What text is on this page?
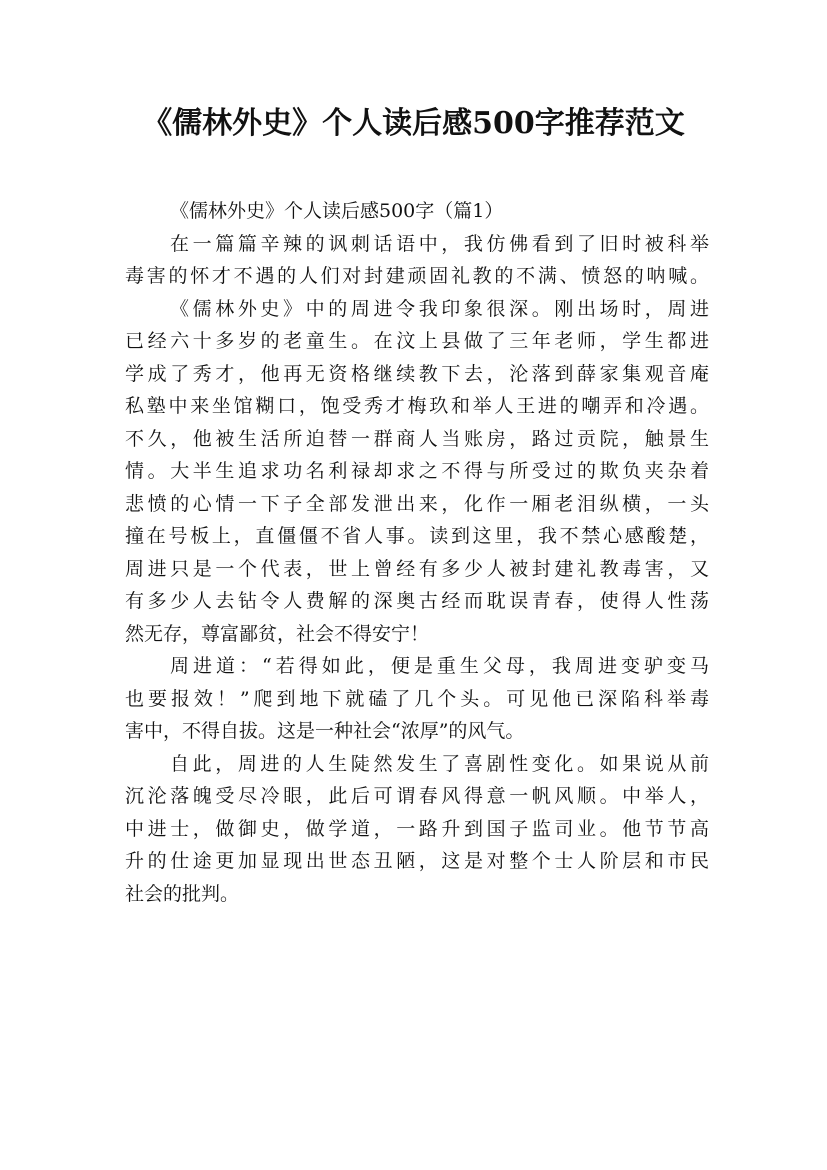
《儒林外史》个人读后感500字推荐范文
《儒林外史》个人读后感500字（篇1）
在一篇篇辛辣的讽刺话语中，我仿佛看到了旧时被科举
毒害的怀才不遇的人们对封建顽固礼教的不满、愤怒的呐喊。
《儒林外史》中的周进令我印象很深。刚出场时，周进
已经六十多岁的老童生。在汶上县做了三年老师，学生都进
学成了秀才，他再无资格继续教下去，沦落到薛家集观音庵
私塾中来坐馆糊口，饱受秀才梅玖和举人王进的嘲弄和冷遇。
不久，他被生活所迫替一群商人当账房，路过贡院，触景生
情。大半生追求功名利禄却求之不得与所受过的欺负夹杂着
悲愤的心情一下子全部发泄出来，化作一厢老泪纵横，一头
撞在号板上，直僵僵不省人事。读到这里，我不禁心感酸楚，
周进只是一个代表，世上曾经有多少人被封建礼教毒害，又
有多少人去钻令人费解的深奥古经而耽误青春，使得人性荡
然无存，尊富鄙贫，社会不得安宁！
周进道：“若得如此，便是重生父母，我周进变驴变马
也要报效！”爬到地下就磕了几个头。可见他已深陷科举毒
害中，不得自拔。这是一种社会“浓厚”的风气。
自此，周进的人生陡然发生了喜剧性变化。如果说从前
沉沦落魄受尽冷眼，此后可谓春风得意一帆风顺。中举人，
中进士，做御史，做学道，一路升到国子监司业。他节节高
升的仕途更加显现出世态丑陋，这是对整个士人阶层和市民
社会的批判。
